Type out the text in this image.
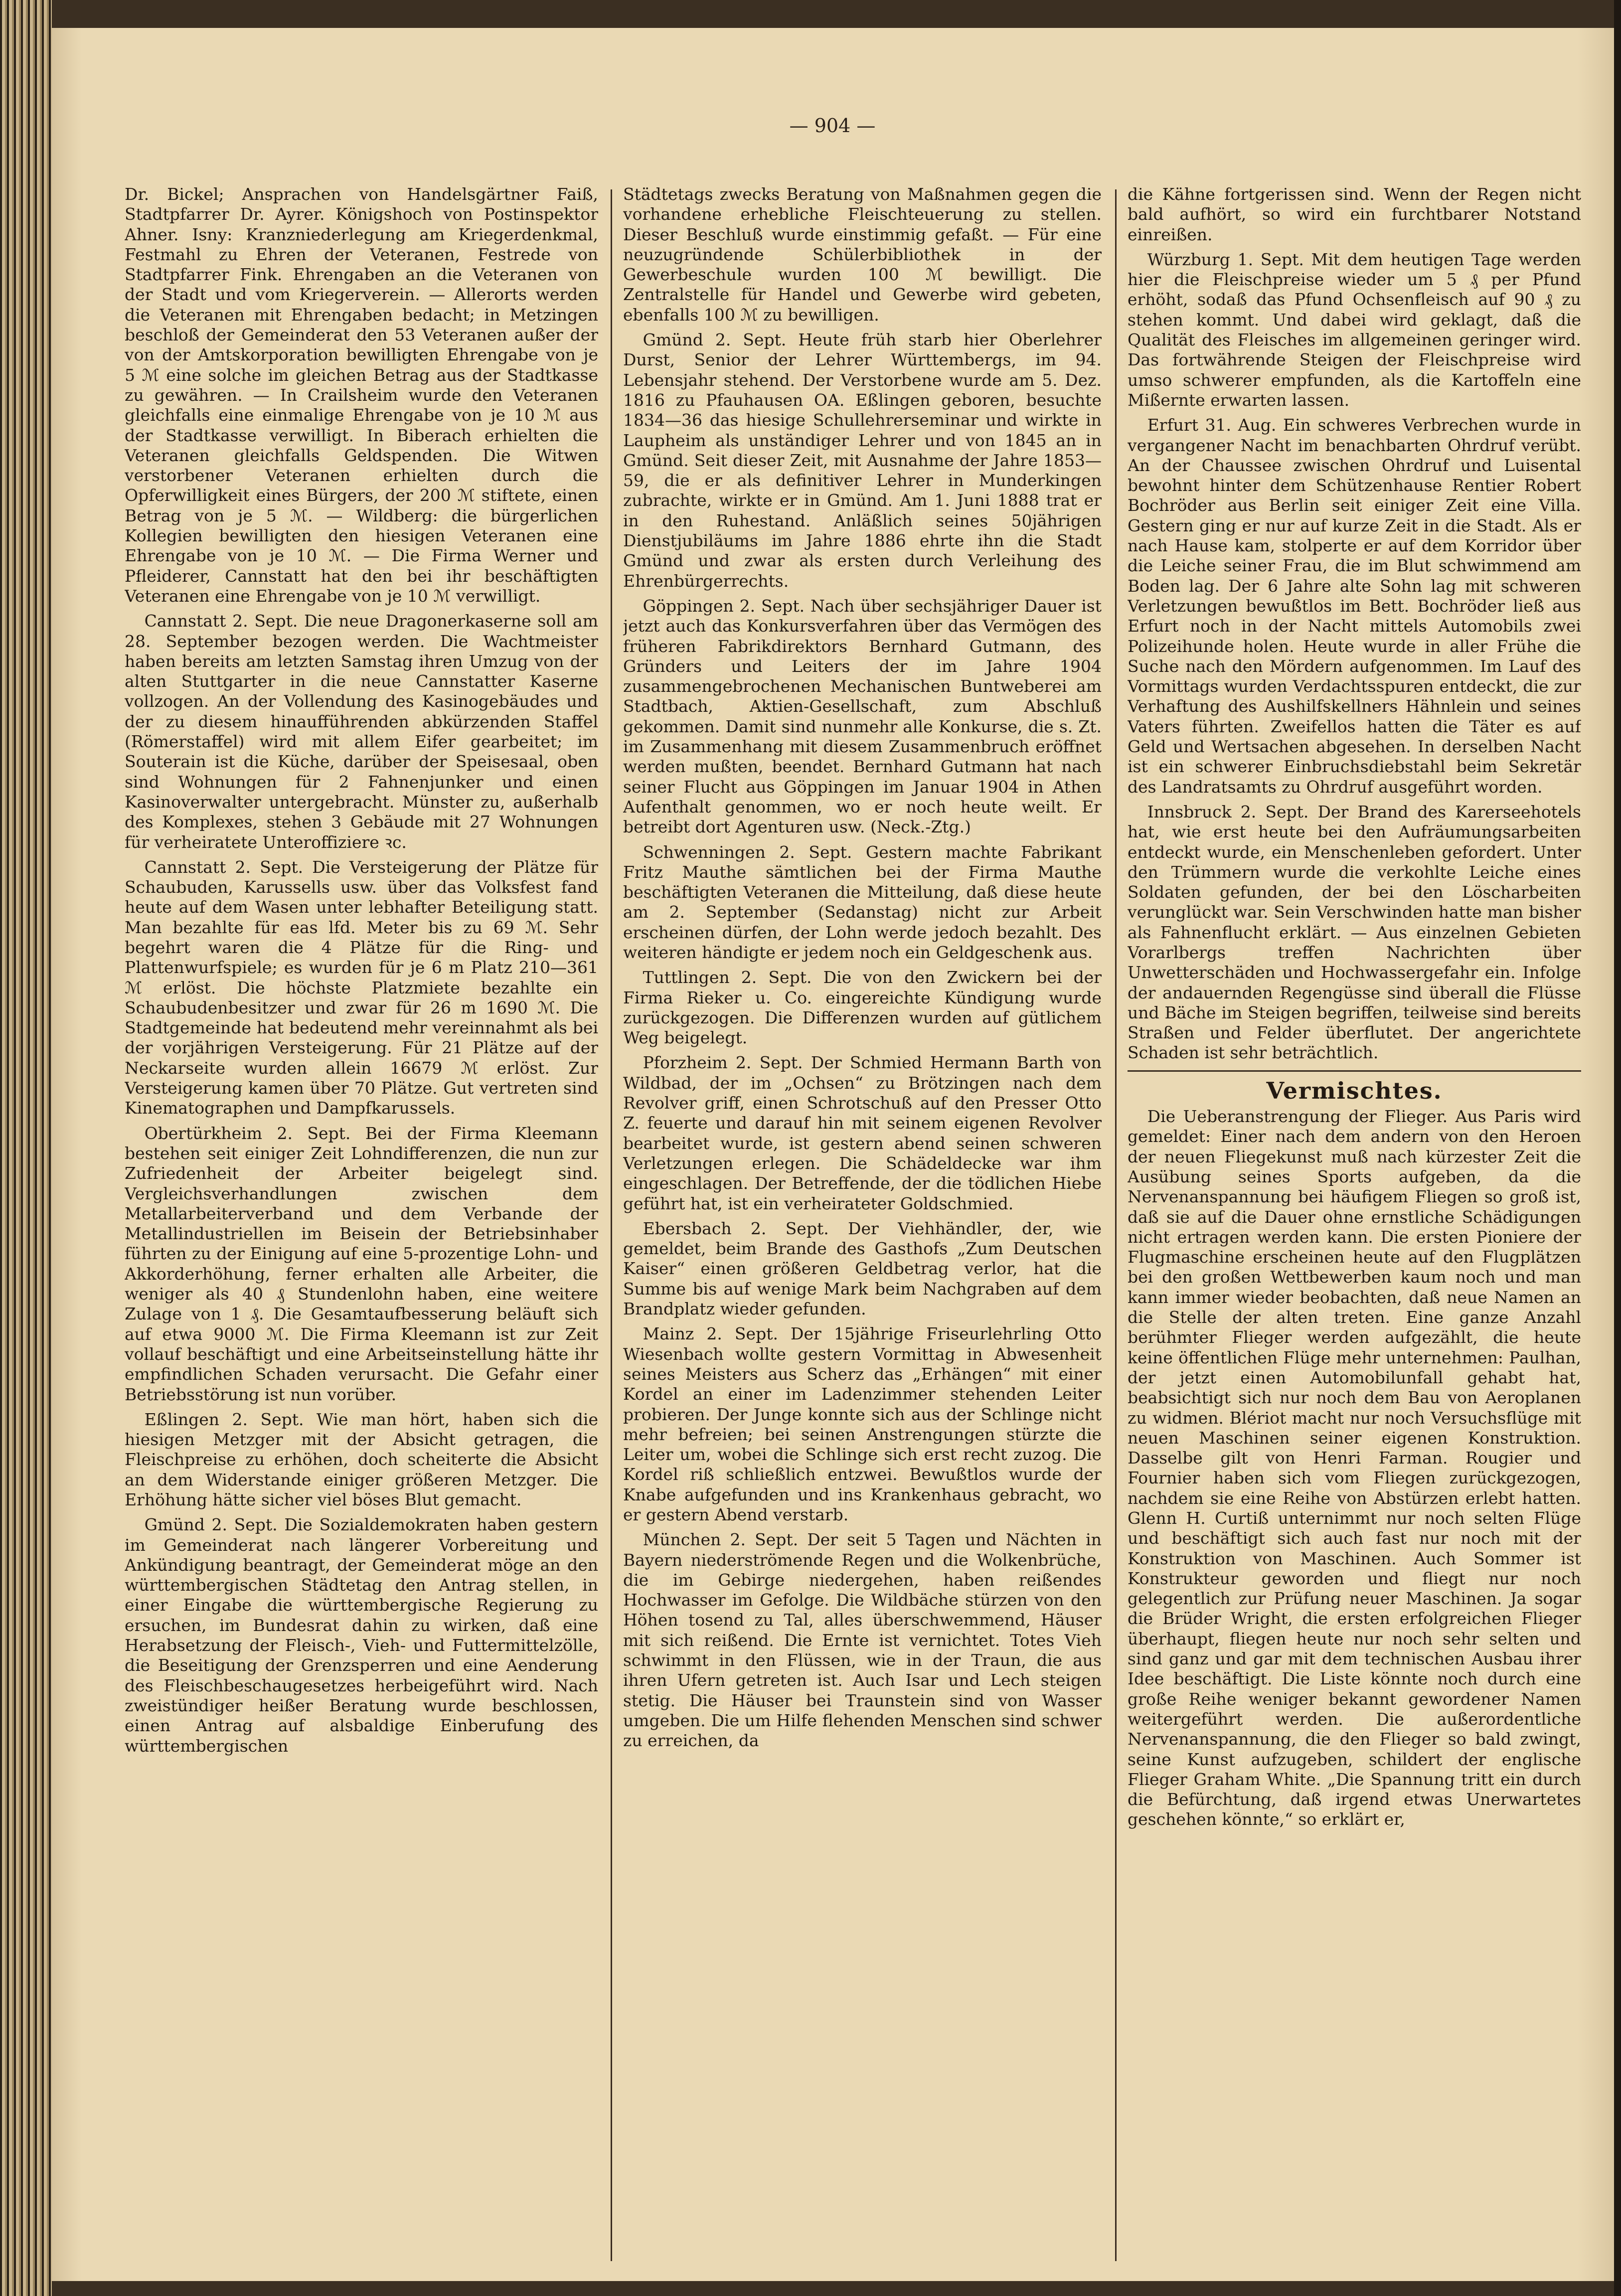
— 904 —

Dr. Bickel; Ansprachen von Handelsgärtner Faiß, Stadtpfarrer Dr. Ayrer. Königshoch von Postinspektor Ahner. Isny: Kranzniederlegung am Kriegerdenkmal, Festmahl zu Ehren der Veteranen, Festrede von Stadtpfarrer Fink. Ehrengaben an die Veteranen von der Stadt und vom Kriegerverein. — Allerorts werden die Veteranen mit Ehrengaben bedacht; in Metzingen beschloß der Gemeinderat den 53 Veteranen außer der von der Amtskorporation bewilligten Ehrengabe von je 5 ℳ eine solche im gleichen Betrag aus der Stadtkasse zu gewähren. — In Crailsheim wurde den Veteranen gleichfalls eine einmalige Ehrengabe von je 10 ℳ aus der Stadtkasse verwilligt. In Biberach erhielten die Veteranen gleichfalls Geldspenden. Die Witwen verstorbener Veteranen erhielten durch die Opferwilligkeit eines Bürgers, der 200 ℳ stiftete, einen Betrag von je 5 ℳ. — Wildberg: die bürgerlichen Kollegien bewilligten den hiesigen Veteranen eine Ehrengabe von je 10 ℳ. — Die Firma Werner und Pfleiderer, Cannstatt hat den bei ihr beschäftigten Veteranen eine Ehrengabe von je 10 ℳ verwilligt.

Cannstatt 2. Sept. Die neue Dragonerkaserne soll am 28. September bezogen werden. Die Wachtmeister haben bereits am letzten Samstag ihren Umzug von der alten Stuttgarter in die neue Cannstatter Kaserne vollzogen. An der Vollendung des Kasinogebäudes und der zu diesem hinaufführenden abkürzenden Staffel (Römerstaffel) wird mit allem Eifer gearbeitet; im Souterain ist die Küche, darüber der Speisesaal, oben sind Wohnungen für 2 Fahnenjunker und einen Kasinoverwalter untergebracht. Münster zu, außerhalb des Komplexes, stehen 3 Gebäude mit 27 Wohnungen für verheiratete Unteroffiziere ꝛc.

Cannstatt 2. Sept. Die Versteigerung der Plätze für Schaubuden, Karussells usw. über das Volksfest fand heute auf dem Wasen unter lebhafter Beteiligung statt. Man bezahlte für eas lfd. Meter bis zu 69 ℳ. Sehr begehrt waren die 4 Plätze für die Ring- und Plattenwurfspiele; es wurden für je 6 m Platz 210—361 ℳ erlöst. Die höchste Platzmiete bezahlte ein Schaubudenbesitzer und zwar für 26 m 1690 ℳ. Die Stadtgemeinde hat bedeutend mehr vereinnahmt als bei der vorjährigen Versteigerung. Für 21 Plätze auf der Neckarseite wurden allein 16679 ℳ erlöst. Zur Versteigerung kamen über 70 Plätze. Gut vertreten sind Kinematographen und Dampfkarussels.

Obertürkheim 2. Sept. Bei der Firma Kleemann bestehen seit einiger Zeit Lohndifferenzen, die nun zur Zufriedenheit der Arbeiter beigelegt sind. Vergleichsverhandlungen zwischen dem Metallarbeiterverband und dem Verbande der Metallindustriellen im Beisein der Betriebsinhaber führten zu der Einigung auf eine 5-prozentige Lohn- und Akkorderhöhung, ferner erhalten alle Arbeiter, die weniger als 40 ₰ Stundenlohn haben, eine weitere Zulage von 1 ₰. Die Gesamtaufbesserung beläuft sich auf etwa 9000 ℳ. Die Firma Kleemann ist zur Zeit vollauf beschäftigt und eine Arbeitseinstellung hätte ihr empfindlichen Schaden verursacht. Die Gefahr einer Betriebsstörung ist nun vorüber.

Eßlingen 2. Sept. Wie man hört, haben sich die hiesigen Metzger mit der Absicht getragen, die Fleischpreise zu erhöhen, doch scheiterte die Absicht an dem Widerstande einiger größeren Metzger. Die Erhöhung hätte sicher viel böses Blut gemacht.

Gmünd 2. Sept. Die Sozialdemokraten haben gestern im Gemeinderat nach längerer Vorbereitung und Ankündigung beantragt, der Gemeinderat möge an den württembergischen Städtetag den Antrag stellen, in einer Eingabe die württembergische Regierung zu ersuchen, im Bundesrat dahin zu wirken, daß eine Herabsetzung der Fleisch-, Vieh- und Futtermittelzölle, die Beseitigung der Grenzsperren und eine Aenderung des Fleischbeschaugesetzes herbeigeführt wird. Nach zweistündiger heißer Beratung wurde beschlossen, einen Antrag auf alsbaldige Einberufung des württembergischen

Städtetags zwecks Beratung von Maßnahmen gegen die vorhandene erhebliche Fleischteuerung zu stellen. Dieser Beschluß wurde einstimmig gefaßt. — Für eine neuzugründende Schülerbibliothek in der Gewerbeschule wurden 100 ℳ bewilligt. Die Zentralstelle für Handel und Gewerbe wird gebeten, ebenfalls 100 ℳ zu bewilligen.

Gmünd 2. Sept. Heute früh starb hier Oberlehrer Durst, Senior der Lehrer Württembergs, im 94. Lebensjahr stehend. Der Verstorbene wurde am 5. Dez. 1816 zu Pfauhausen OA. Eßlingen geboren, besuchte 1834—36 das hiesige Schullehrerseminar und wirkte in Laupheim als unständiger Lehrer und von 1845 an in Gmünd. Seit dieser Zeit, mit Ausnahme der Jahre 1853—59, die er als definitiver Lehrer in Munderkingen zubrachte, wirkte er in Gmünd. Am 1. Juni 1888 trat er in den Ruhestand. Anläßlich seines 50jährigen Dienstjubiläums im Jahre 1886 ehrte ihn die Stadt Gmünd und zwar als ersten durch Verleihung des Ehrenbürgerrechts.

Göppingen 2. Sept. Nach über sechsjähriger Dauer ist jetzt auch das Konkursverfahren über das Vermögen des früheren Fabrikdirektors Bernhard Gutmann, des Gründers und Leiters der im Jahre 1904 zusammengebrochenen Mechanischen Buntweberei am Stadtbach, Aktien-Gesellschaft, zum Abschluß gekommen. Damit sind nunmehr alle Konkurse, die s. Zt. im Zusammenhang mit diesem Zusammenbruch eröffnet werden mußten, beendet. Bernhard Gutmann hat nach seiner Flucht aus Göppingen im Januar 1904 in Athen Aufenthalt genommen, wo er noch heute weilt. Er betreibt dort Agenturen usw. (Neck.-Ztg.)

Schwenningen 2. Sept. Gestern machte Fabrikant Fritz Mauthe sämtlichen bei der Firma Mauthe beschäftigten Veteranen die Mitteilung, daß diese heute am 2. September (Sedanstag) nicht zur Arbeit erscheinen dürfen, der Lohn werde jedoch bezahlt. Des weiteren händigte er jedem noch ein Geldgeschenk aus.

Tuttlingen 2. Sept. Die von den Zwickern bei der Firma Rieker u. Co. eingereichte Kündigung wurde zurückgezogen. Die Differenzen wurden auf gütlichem Weg beigelegt.

Pforzheim 2. Sept. Der Schmied Hermann Barth von Wildbad, der im „Ochsen“ zu Brötzingen nach dem Revolver griff, einen Schrotschuß auf den Presser Otto Z. feuerte und darauf hin mit seinem eigenen Revolver bearbeitet wurde, ist gestern abend seinen schweren Verletzungen erlegen. Die Schädeldecke war ihm eingeschlagen. Der Betreffende, der die tödlichen Hiebe geführt hat, ist ein verheirateter Goldschmied.

Ebersbach 2. Sept. Der Viehhändler, der, wie gemeldet, beim Brande des Gasthofs „Zum Deutschen Kaiser“ einen größeren Geldbetrag verlor, hat die Summe bis auf wenige Mark beim Nachgraben auf dem Brandplatz wieder gefunden.

Mainz 2. Sept. Der 15jährige Friseurlehrling Otto Wiesenbach wollte gestern Vormittag in Abwesenheit seines Meisters aus Scherz das „Erhängen“ mit einer Kordel an einer im Ladenzimmer stehenden Leiter probieren. Der Junge konnte sich aus der Schlinge nicht mehr befreien; bei seinen Anstrengungen stürzte die Leiter um, wobei die Schlinge sich erst recht zuzog. Die Kordel riß schließlich entzwei. Bewußtlos wurde der Knabe aufgefunden und ins Krankenhaus gebracht, wo er gestern Abend verstarb.

München 2. Sept. Der seit 5 Tagen und Nächten in Bayern niederströmende Regen und die Wolkenbrüche, die im Gebirge niedergehen, haben reißendes Hochwasser im Gefolge. Die Wildbäche stürzen von den Höhen tosend zu Tal, alles überschwemmend, Häuser mit sich reißend. Die Ernte ist vernichtet. Totes Vieh schwimmt in den Flüssen, wie in der Traun, die aus ihren Ufern getreten ist. Auch Isar und Lech steigen stetig. Die Häuser bei Traunstein sind von Wasser umgeben. Die um Hilfe flehenden Menschen sind schwer zu erreichen, da

die Kähne fortgerissen sind. Wenn der Regen nicht bald aufhört, so wird ein furchtbarer Notstand einreißen.

Würzburg 1. Sept. Mit dem heutigen Tage werden hier die Fleischpreise wieder um 5 ₰ per Pfund erhöht, sodaß das Pfund Ochsenfleisch auf 90 ₰ zu stehen kommt. Und dabei wird geklagt, daß die Qualität des Fleisches im allgemeinen geringer wird. Das fortwährende Steigen der Fleischpreise wird umso schwerer empfunden, als die Kartoffeln eine Mißernte erwarten lassen.

Erfurt 31. Aug. Ein schweres Verbrechen wurde in vergangener Nacht im benachbarten Ohrdruf verübt. An der Chaussee zwischen Ohrdruf und Luisental bewohnt hinter dem Schützenhause Rentier Robert Bochröder aus Berlin seit einiger Zeit eine Villa. Gestern ging er nur auf kurze Zeit in die Stadt. Als er nach Hause kam, stolperte er auf dem Korridor über die Leiche seiner Frau, die im Blut schwimmend am Boden lag. Der 6 Jahre alte Sohn lag mit schweren Verletzungen bewußtlos im Bett. Bochröder ließ aus Erfurt noch in der Nacht mittels Automobils zwei Polizeihunde holen. Heute wurde in aller Frühe die Suche nach den Mördern aufgenommen. Im Lauf des Vormittags wurden Verdachtsspuren entdeckt, die zur Verhaftung des Aushilfskellners Hähnlein und seines Vaters führten. Zweifellos hatten die Täter es auf Geld und Wertsachen abgesehen. In derselben Nacht ist ein schwerer Einbruchsdiebstahl beim Sekretär des Landratsamts zu Ohrdruf ausgeführt worden.

Innsbruck 2. Sept. Der Brand des Karerseehotels hat, wie erst heute bei den Aufräumungsarbeiten entdeckt wurde, ein Menschenleben gefordert. Unter den Trümmern wurde die verkohlte Leiche eines Soldaten gefunden, der bei den Löscharbeiten verunglückt war. Sein Verschwinden hatte man bisher als Fahnenflucht erklärt. — Aus einzelnen Gebieten Vorarlbergs treffen Nachrichten über Unwetterschäden und Hochwassergefahr ein. Infolge der andauernden Regengüsse sind überall die Flüsse und Bäche im Steigen begriffen, teilweise sind bereits Straßen und Felder überflutet. Der angerichtete Schaden ist sehr beträchtlich.

Vermischtes.

Die Ueberanstrengung der Flieger. Aus Paris wird gemeldet: Einer nach dem andern von den Heroen der neuen Fliegekunst muß nach kürzester Zeit die Ausübung seines Sports aufgeben, da die Nervenanspannung bei häufigem Fliegen so groß ist, daß sie auf die Dauer ohne ernstliche Schädigungen nicht ertragen werden kann. Die ersten Pioniere der Flugmaschine erscheinen heute auf den Flugplätzen bei den großen Wettbewerben kaum noch und man kann immer wieder beobachten, daß neue Namen an die Stelle der alten treten. Eine ganze Anzahl berühmter Flieger werden aufgezählt, die heute keine öffentlichen Flüge mehr unternehmen: Paulhan, der jetzt einen Automobilunfall gehabt hat, beabsichtigt sich nur noch dem Bau von Aeroplanen zu widmen. Blériot macht nur noch Versuchsflüge mit neuen Maschinen seiner eigenen Konstruktion. Dasselbe gilt von Henri Farman. Rougier und Fournier haben sich vom Fliegen zurückgezogen, nachdem sie eine Reihe von Abstürzen erlebt hatten. Glenn H. Curtiß unternimmt nur noch selten Flüge und beschäftigt sich auch fast nur noch mit der Konstruktion von Maschinen. Auch Sommer ist Konstrukteur geworden und fliegt nur noch gelegentlich zur Prüfung neuer Maschinen. Ja sogar die Brüder Wright, die ersten erfolgreichen Flieger überhaupt, fliegen heute nur noch sehr selten und sind ganz und gar mit dem technischen Ausbau ihrer Idee beschäftigt. Die Liste könnte noch durch eine große Reihe weniger bekannt gewordener Namen weitergeführt werden. Die außerordentliche Nervenanspannung, die den Flieger so bald zwingt, seine Kunst aufzugeben, schildert der englische Flieger Graham White. „Die Spannung tritt ein durch die Befürchtung, daß irgend etwas Unerwartetes geschehen könnte,“ so erklärt er,
